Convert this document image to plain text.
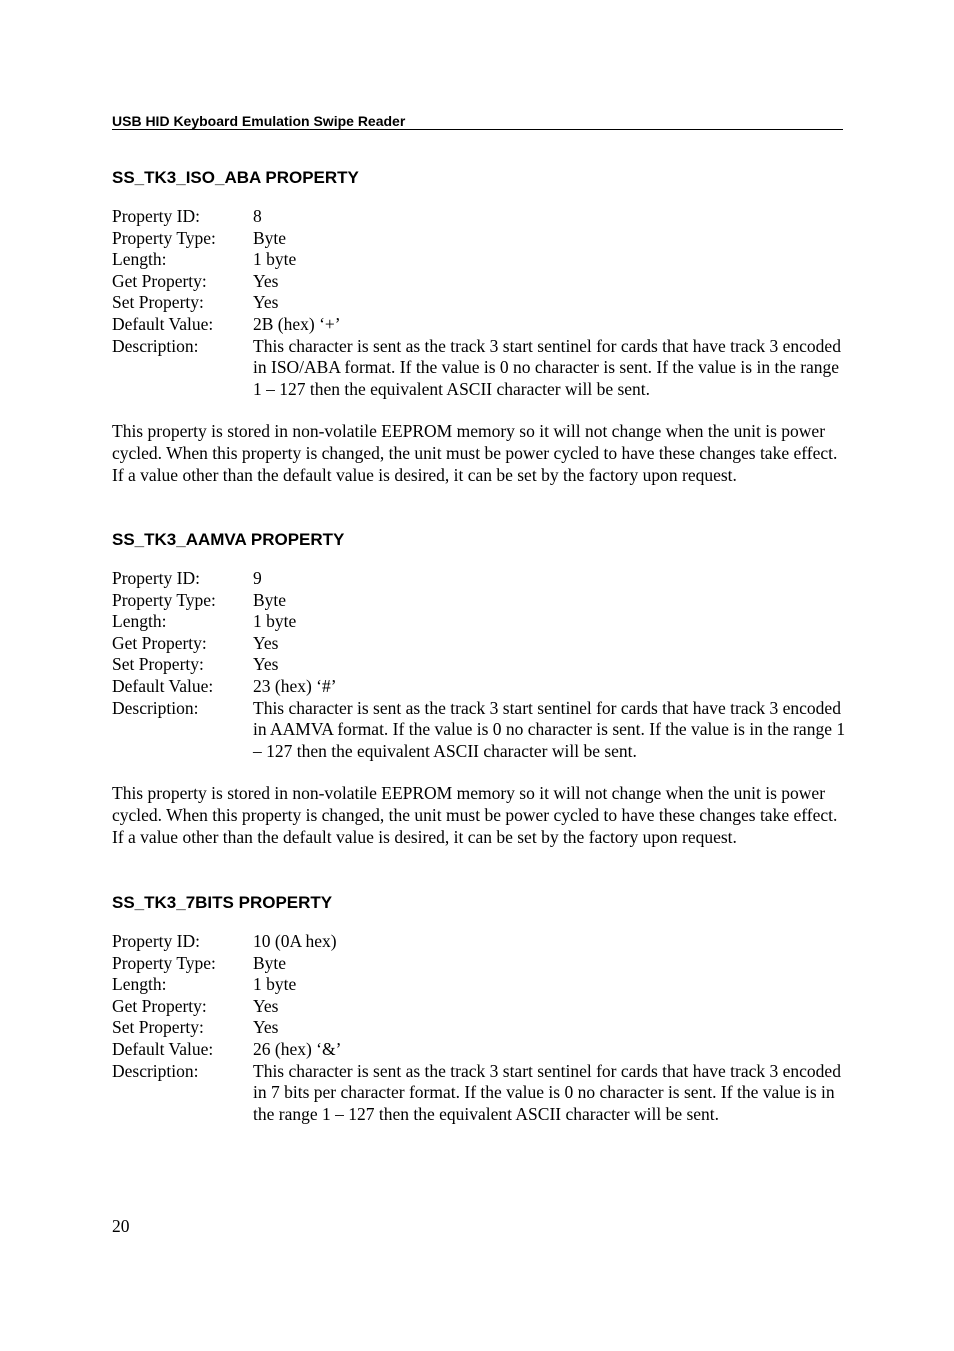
USB HID Keyboard Emulation Swipe Reader
SS_TK3_ISO_ABA PROPERTY
Property ID:	8
Property Type:	Byte
Length:	1 byte
Get Property:	Yes
Set Property:	Yes
Default Value:	2B (hex) ‘+’
Description:	This character is sent as the track 3 start sentinel for cards that have track 3 encoded in ISO/ABA format. If the value is 0 no character is sent. If the value is in the range 1 – 127 then the equivalent ASCII character will be sent.
This property is stored in non-volatile EEPROM memory so it will not change when the unit is power cycled. When this property is changed, the unit must be power cycled to have these changes take effect. If a value other than the default value is desired, it can be set by the factory upon request.
SS_TK3_AAMVA PROPERTY
Property ID:	9
Property Type:	Byte
Length:	1 byte
Get Property:	Yes
Set Property:	Yes
Default Value:	23 (hex) ‘#’
Description:	This character is sent as the track 3 start sentinel for cards that have track 3 encoded in AAMVA format. If the value is 0 no character is sent. If the value is in the range 1 – 127 then the equivalent ASCII character will be sent.
This property is stored in non-volatile EEPROM memory so it will not change when the unit is power cycled. When this property is changed, the unit must be power cycled to have these changes take effect. If a value other than the default value is desired, it can be set by the factory upon request.
SS_TK3_7BITS PROPERTY
Property ID:	10 (0A hex)
Property Type:	Byte
Length:	1 byte
Get Property:	Yes
Set Property:	Yes
Default Value:	26 (hex) ‘&’
Description:	This character is sent as the track 3 start sentinel for cards that have track 3 encoded in 7 bits per character format. If the value is 0 no character is sent. If the value is in the range 1 – 127 then the equivalent ASCII character will be sent.
20
